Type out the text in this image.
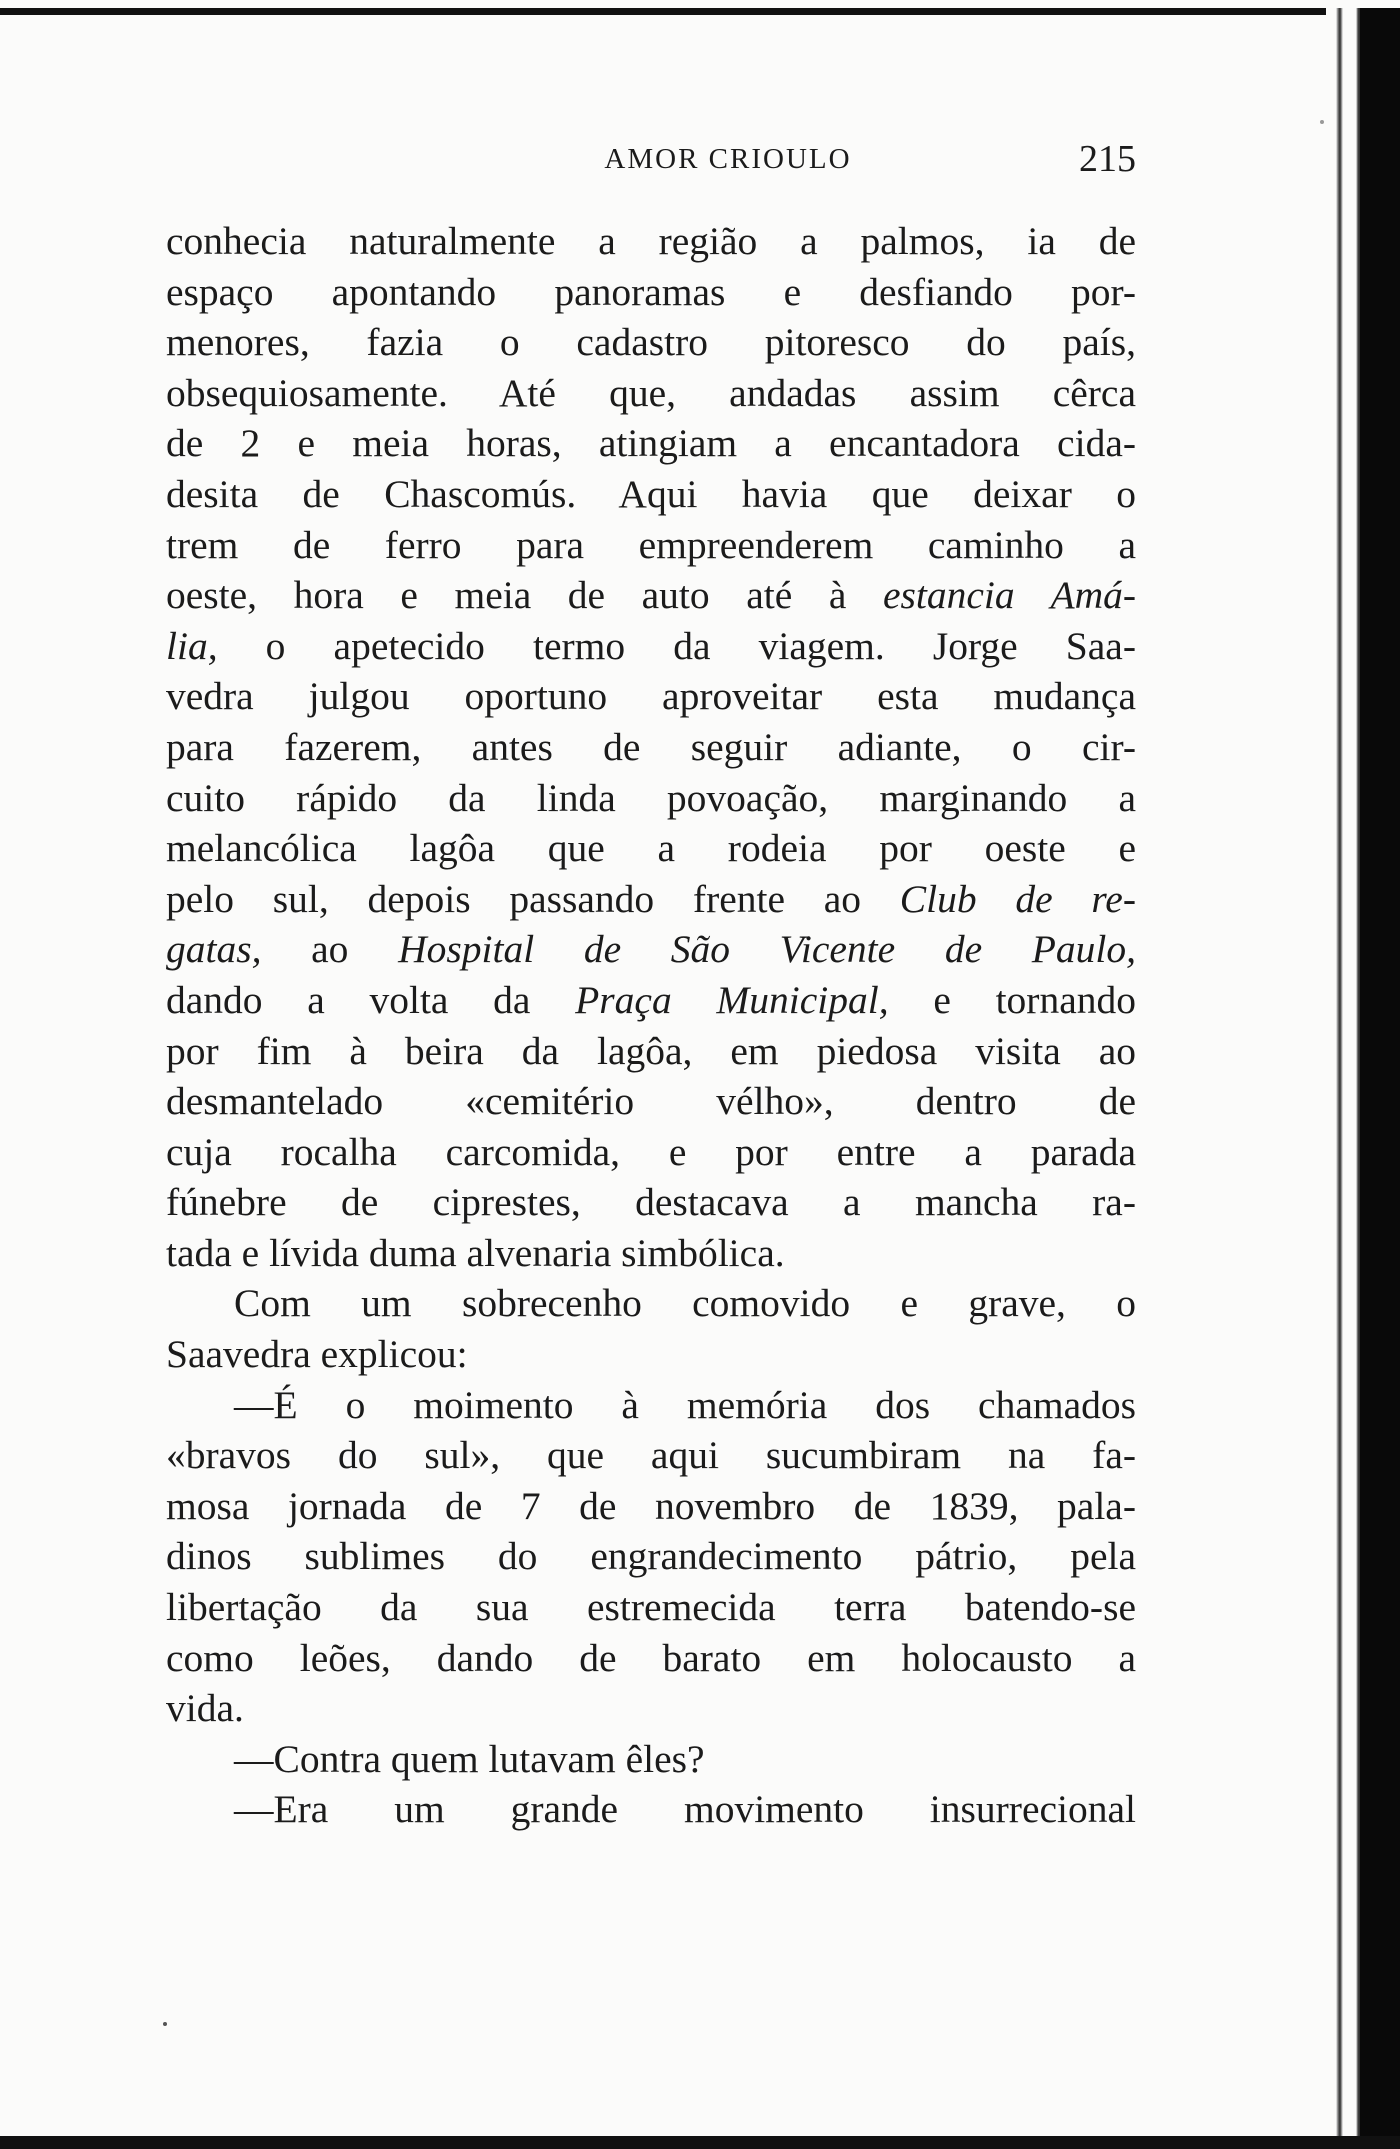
AMOR CRIOULO	215
conhecia naturalmente a região a palmos, ia de
espaço apontando panoramas e desfiando por-
menores, fazia o cadastro pitoresco do país,
obsequiosamente. Até que, andadas assim cêrca
de 2 e meia horas, atingiam a encantadora cida-
desita de Chascomús. Aqui havia que deixar o
trem de ferro para empreenderem caminho a
oeste, hora e meia de auto até à estancia Amá-
lia, o apetecido termo da viagem. Jorge Saa-
vedra julgou oportuno aproveitar esta mudança
para fazerem, antes de seguir adiante, o cir-
cuito rápido da linda povoação, marginando a
melancólica lagôa que a rodeia por oeste e
pelo sul, depois passando frente ao Club de re-
gatas, ao Hospital de São Vicente de Paulo,
dando a volta da Praça Municipal, e tornando
por fim à beira da lagôa, em piedosa visita ao
desmantelado «cemitério vélho», dentro de
cuja rocalha carcomida, e por entre a parada
fúnebre de ciprestes, destacava a mancha ra-
tada e lívida duma alvenaria simbólica.
Com um sobrecenho comovido e grave, o
Saavedra explicou:
—É o moimento à memória dos chamados
«bravos do sul», que aqui sucumbiram na fa-
mosa jornada de 7 de novembro de 1839, pala-
dinos sublimes do engrandecimento pátrio, pela
libertação da sua estremecida terra batendo-se
como leões, dando de barato em holocausto a
vida.
—Contra quem lutavam êles?
—Era um grande movimento insurrecional
